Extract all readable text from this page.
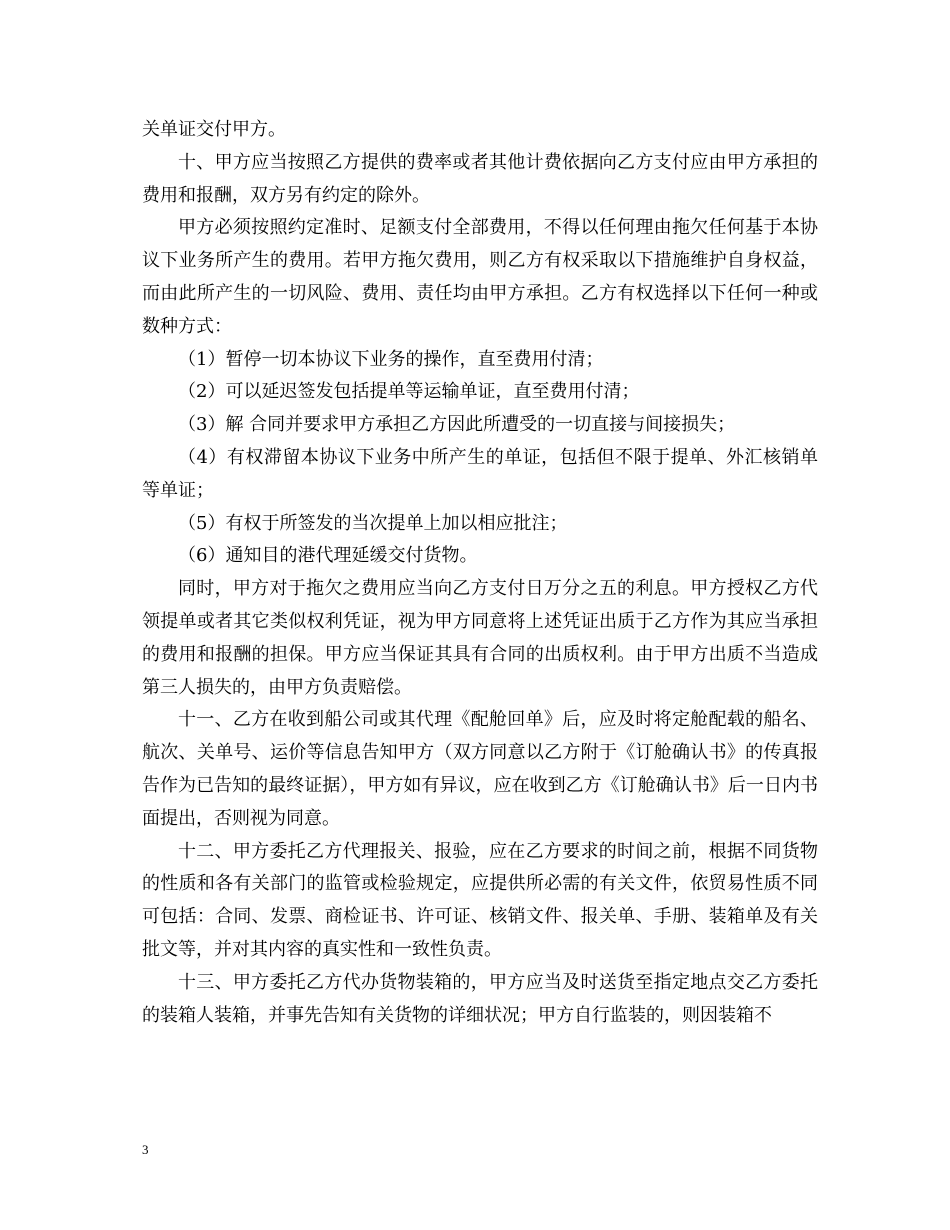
关单证交付甲方。

十、甲方应当按照乙方提供的费率或者其他计费依据向乙方支付应由甲方承担的费用和报酬，双方另有约定的除外。

甲方必须按照约定准时、足额支付全部费用，不得以任何理由拖欠任何基于本协议下业务所产生的费用。若甲方拖欠费用，则乙方有权采取以下措施维护自身权益，而由此所产生的一切风险、费用、责任均由甲方承担。乙方有权选择以下任何一种或数种方式：

（1）暂停一切本协议下业务的操作，直至费用付清；

（2）可以延迟签发包括提单等运输单证，直至费用付清；

（3）解 合同并要求甲方承担乙方因此所遭受的一切直接与间接损失；

（4）有权滞留本协议下业务中所产生的单证，包括但不限于提单、外汇核销单等单证；

（5）有权于所签发的当次提单上加以相应批注；

（6）通知目的港代理延缓交付货物。

同时，甲方对于拖欠之费用应当向乙方支付日万分之五的利息。甲方授权乙方代领提单或者其它类似权利凭证，视为甲方同意将上述凭证出质于乙方作为其应当承担的费用和报酬的担保。甲方应当保证其具有合同的出质权利。由于甲方出质不当造成第三人损失的，由甲方负责赔偿。

十一、乙方在收到船公司或其代理《配舱回单》后，应及时将定舱配载的船名、航次、关单号、运价等信息告知甲方（双方同意以乙方附于《订舱确认书》的传真报告作为已告知的最终证据），甲方如有异议，应在收到乙方《订舱确认书》后一日内书面提出，否则视为同意。

十二、甲方委托乙方代理报关、报验，应在乙方要求的时间之前，根据不同货物的性质和各有关部门的监管或检验规定，应提供所必需的有关文件，依贸易性质不同可包括：合同、发票、商检证书、许可证、核销文件、报关单、手册、装箱单及有关批文等，并对其内容的真实性和一致性负责。

十三、甲方委托乙方代办货物装箱的，甲方应当及时送货至指定地点交乙方委托的装箱人装箱，并事先告知有关货物的详细状况；甲方自行监装的，则因装箱不

3
